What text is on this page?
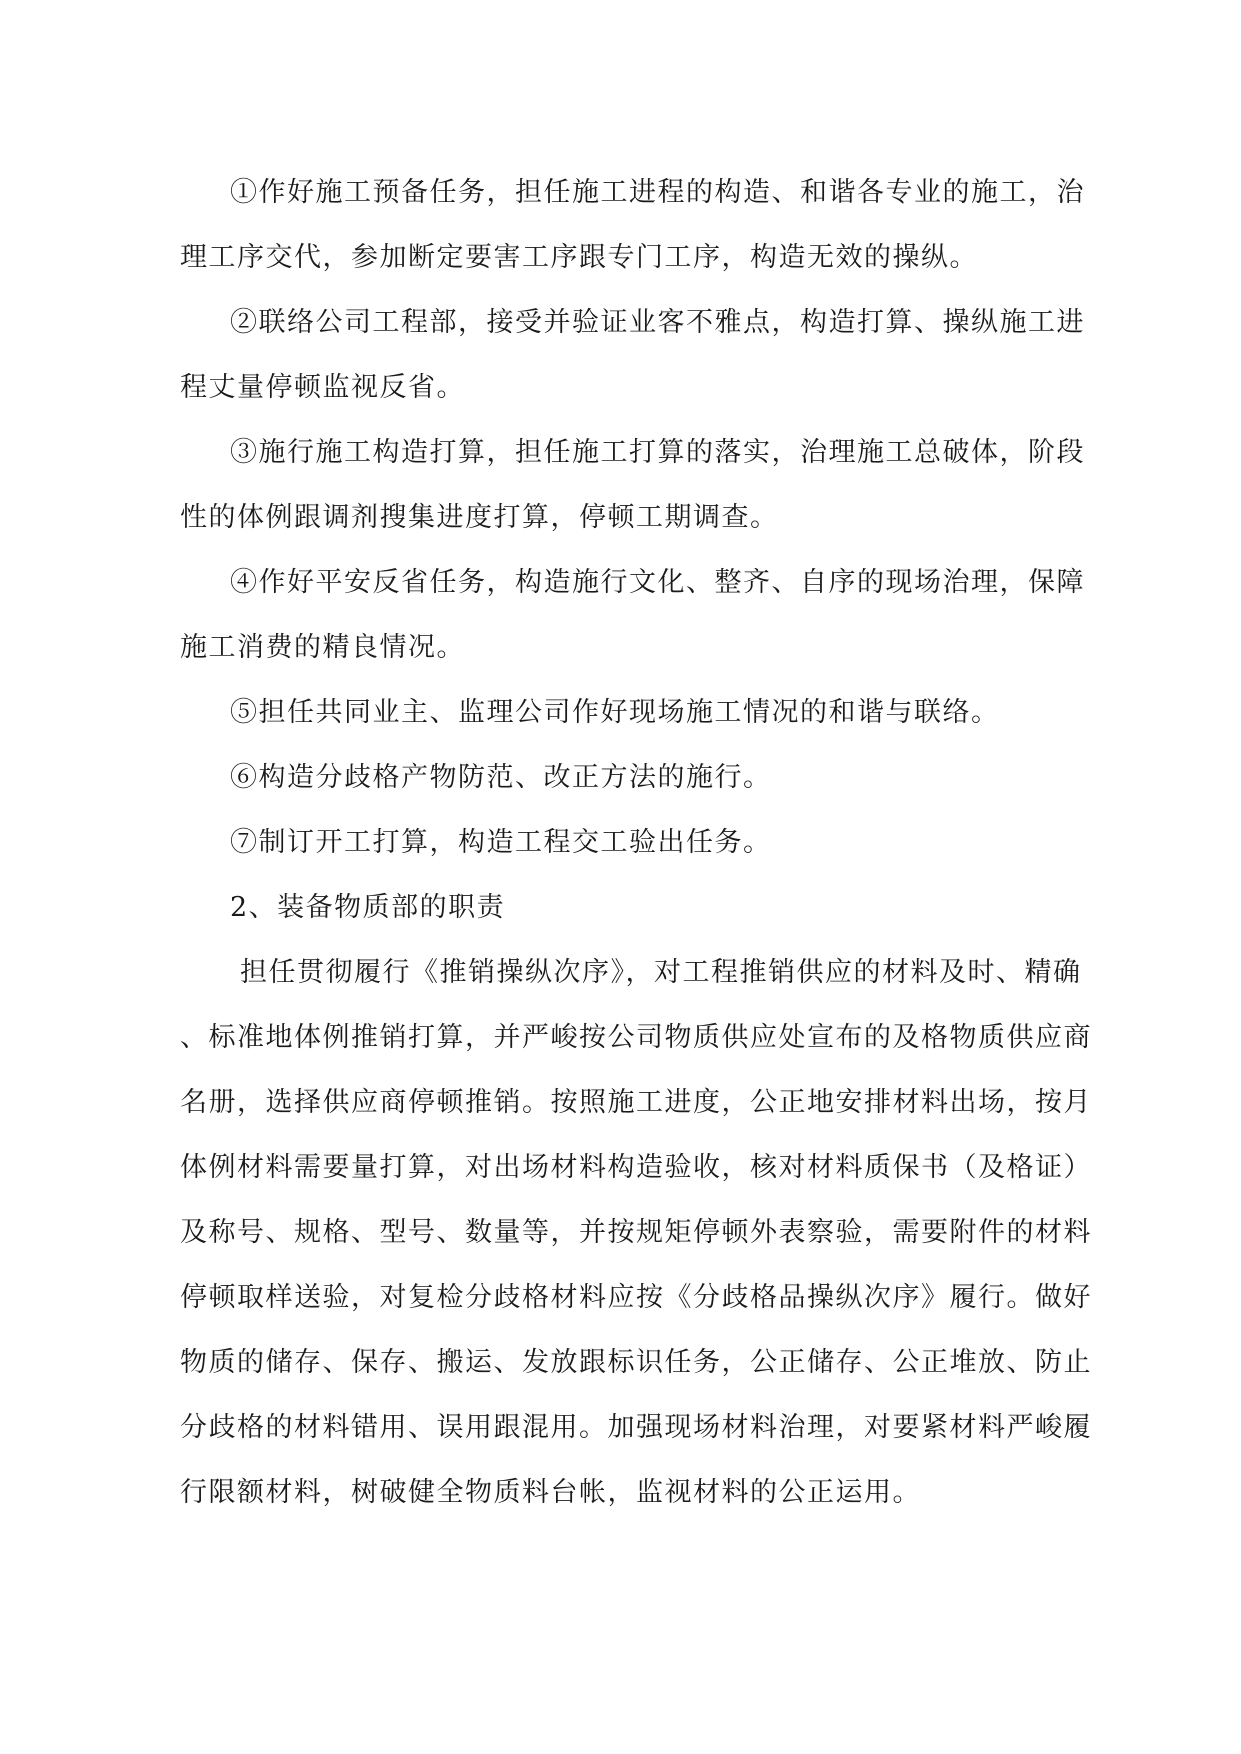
①作好施工预备任务，担任施工进程的构造、和谐各专业的施工，治
理工序交代，参加断定要害工序跟专门工序，构造无效的操纵。
②联络公司工程部，接受并验证业客不雅点，构造打算、操纵施工进
程丈量停顿监视反省。
③施行施工构造打算，担任施工打算的落实，治理施工总破体，阶段
性的体例跟调剂搜集进度打算，停顿工期调查。
④作好平安反省任务，构造施行文化、整齐、自序的现场治理，保障
施工消费的精良情况。
⑤担任共同业主、监理公司作好现场施工情况的和谐与联络。
⑥构造分歧格产物防范、改正方法的施行。
⑦制订开工打算，构造工程交工验出任务。
2、装备物质部的职责
担任贯彻履行《推销操纵次序》，对工程推销供应的材料及时、精确
、标准地体例推销打算，并严峻按公司物质供应处宣布的及格物质供应商
名册，选择供应商停顿推销。按照施工进度，公正地安排材料出场，按月
体例材料需要量打算，对出场材料构造验收，核对材料质保书（及格证）
及称号、规格、型号、数量等，并按规矩停顿外表察验，需要附件的材料
停顿取样送验，对复检分歧格材料应按《分歧格品操纵次序》履行。做好
物质的储存、保存、搬运、发放跟标识任务，公正储存、公正堆放、防止
分歧格的材料错用、误用跟混用。加强现场材料治理，对要紧材料严峻履
行限额材料，树破健全物质料台帐，监视材料的公正运用。
